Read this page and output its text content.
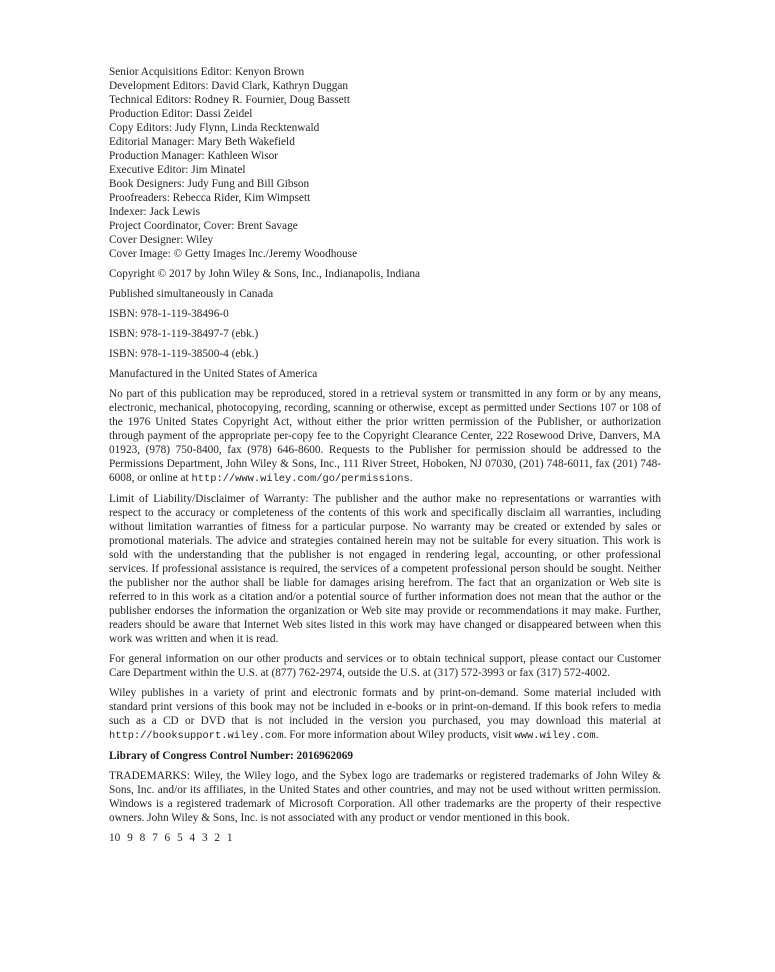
Senior Acquisitions Editor: Kenyon Brown
Development Editors: David Clark, Kathryn Duggan
Technical Editors: Rodney R. Fournier, Doug Bassett
Production Editor: Dassi Zeidel
Copy Editors: Judy Flynn, Linda Recktenwald
Editorial Manager: Mary Beth Wakefield
Production Manager: Kathleen Wisor
Executive Editor: Jim Minatel
Book Designers: Judy Fung and Bill Gibson
Proofreaders: Rebecca Rider, Kim Wimpsett
Indexer: Jack Lewis
Project Coordinator, Cover: Brent Savage
Cover Designer: Wiley
Cover Image: © Getty Images Inc./Jeremy Woodhouse
Copyright © 2017 by John Wiley & Sons, Inc., Indianapolis, Indiana
Published simultaneously in Canada
ISBN: 978-1-119-38496-0
ISBN: 978-1-119-38497-7 (ebk.)
ISBN: 978-1-119-38500-4 (ebk.)
Manufactured in the United States of America
No part of this publication may be reproduced, stored in a retrieval system or transmitted in any form or by any means, electronic, mechanical, photocopying, recording, scanning or otherwise, except as permitted under Sections 107 or 108 of the 1976 United States Copyright Act, without either the prior written permission of the Publisher, or authorization through payment of the appropriate per-copy fee to the Copyright Clearance Center, 222 Rosewood Drive, Danvers, MA 01923, (978) 750-8400, fax (978) 646-8600. Requests to the Publisher for permission should be addressed to the Permissions Department, John Wiley & Sons, Inc., 111 River Street, Hoboken, NJ 07030, (201) 748-6011, fax (201) 748-6008, or online at http://www.wiley.com/go/permissions.
Limit of Liability/Disclaimer of Warranty: The publisher and the author make no representations or warranties with respect to the accuracy or completeness of the contents of this work and specifically disclaim all warranties, including without limitation warranties of fitness for a particular purpose. No warranty may be created or extended by sales or promotional materials. The advice and strategies contained herein may not be suitable for every situation. This work is sold with the understanding that the publisher is not engaged in rendering legal, accounting, or other professional services. If professional assistance is required, the services of a competent professional person should be sought. Neither the publisher nor the author shall be liable for damages arising herefrom. The fact that an organization or Web site is referred to in this work as a citation and/or a potential source of further information does not mean that the author or the publisher endorses the information the organization or Web site may provide or recommendations it may make. Further, readers should be aware that Internet Web sites listed in this work may have changed or disappeared between when this work was written and when it is read.
For general information on our other products and services or to obtain technical support, please contact our Customer Care Department within the U.S. at (877) 762-2974, outside the U.S. at (317) 572-3993 or fax (317) 572-4002.
Wiley publishes in a variety of print and electronic formats and by print-on-demand. Some material included with standard print versions of this book may not be included in e-books or in print-on-demand. If this book refers to media such as a CD or DVD that is not included in the version you purchased, you may download this material at http://booksupport.wiley.com. For more information about Wiley products, visit www.wiley.com.
Library of Congress Control Number: 2016962069
TRADEMARKS: Wiley, the Wiley logo, and the Sybex logo are trademarks or registered trademarks of John Wiley & Sons, Inc. and/or its affiliates, in the United States and other countries, and may not be used without written permission. Windows is a registered trademark of Microsoft Corporation. All other trademarks are the property of their respective owners. John Wiley & Sons, Inc. is not associated with any product or vendor mentioned in this book.
10 9 8 7 6 5 4 3 2 1
